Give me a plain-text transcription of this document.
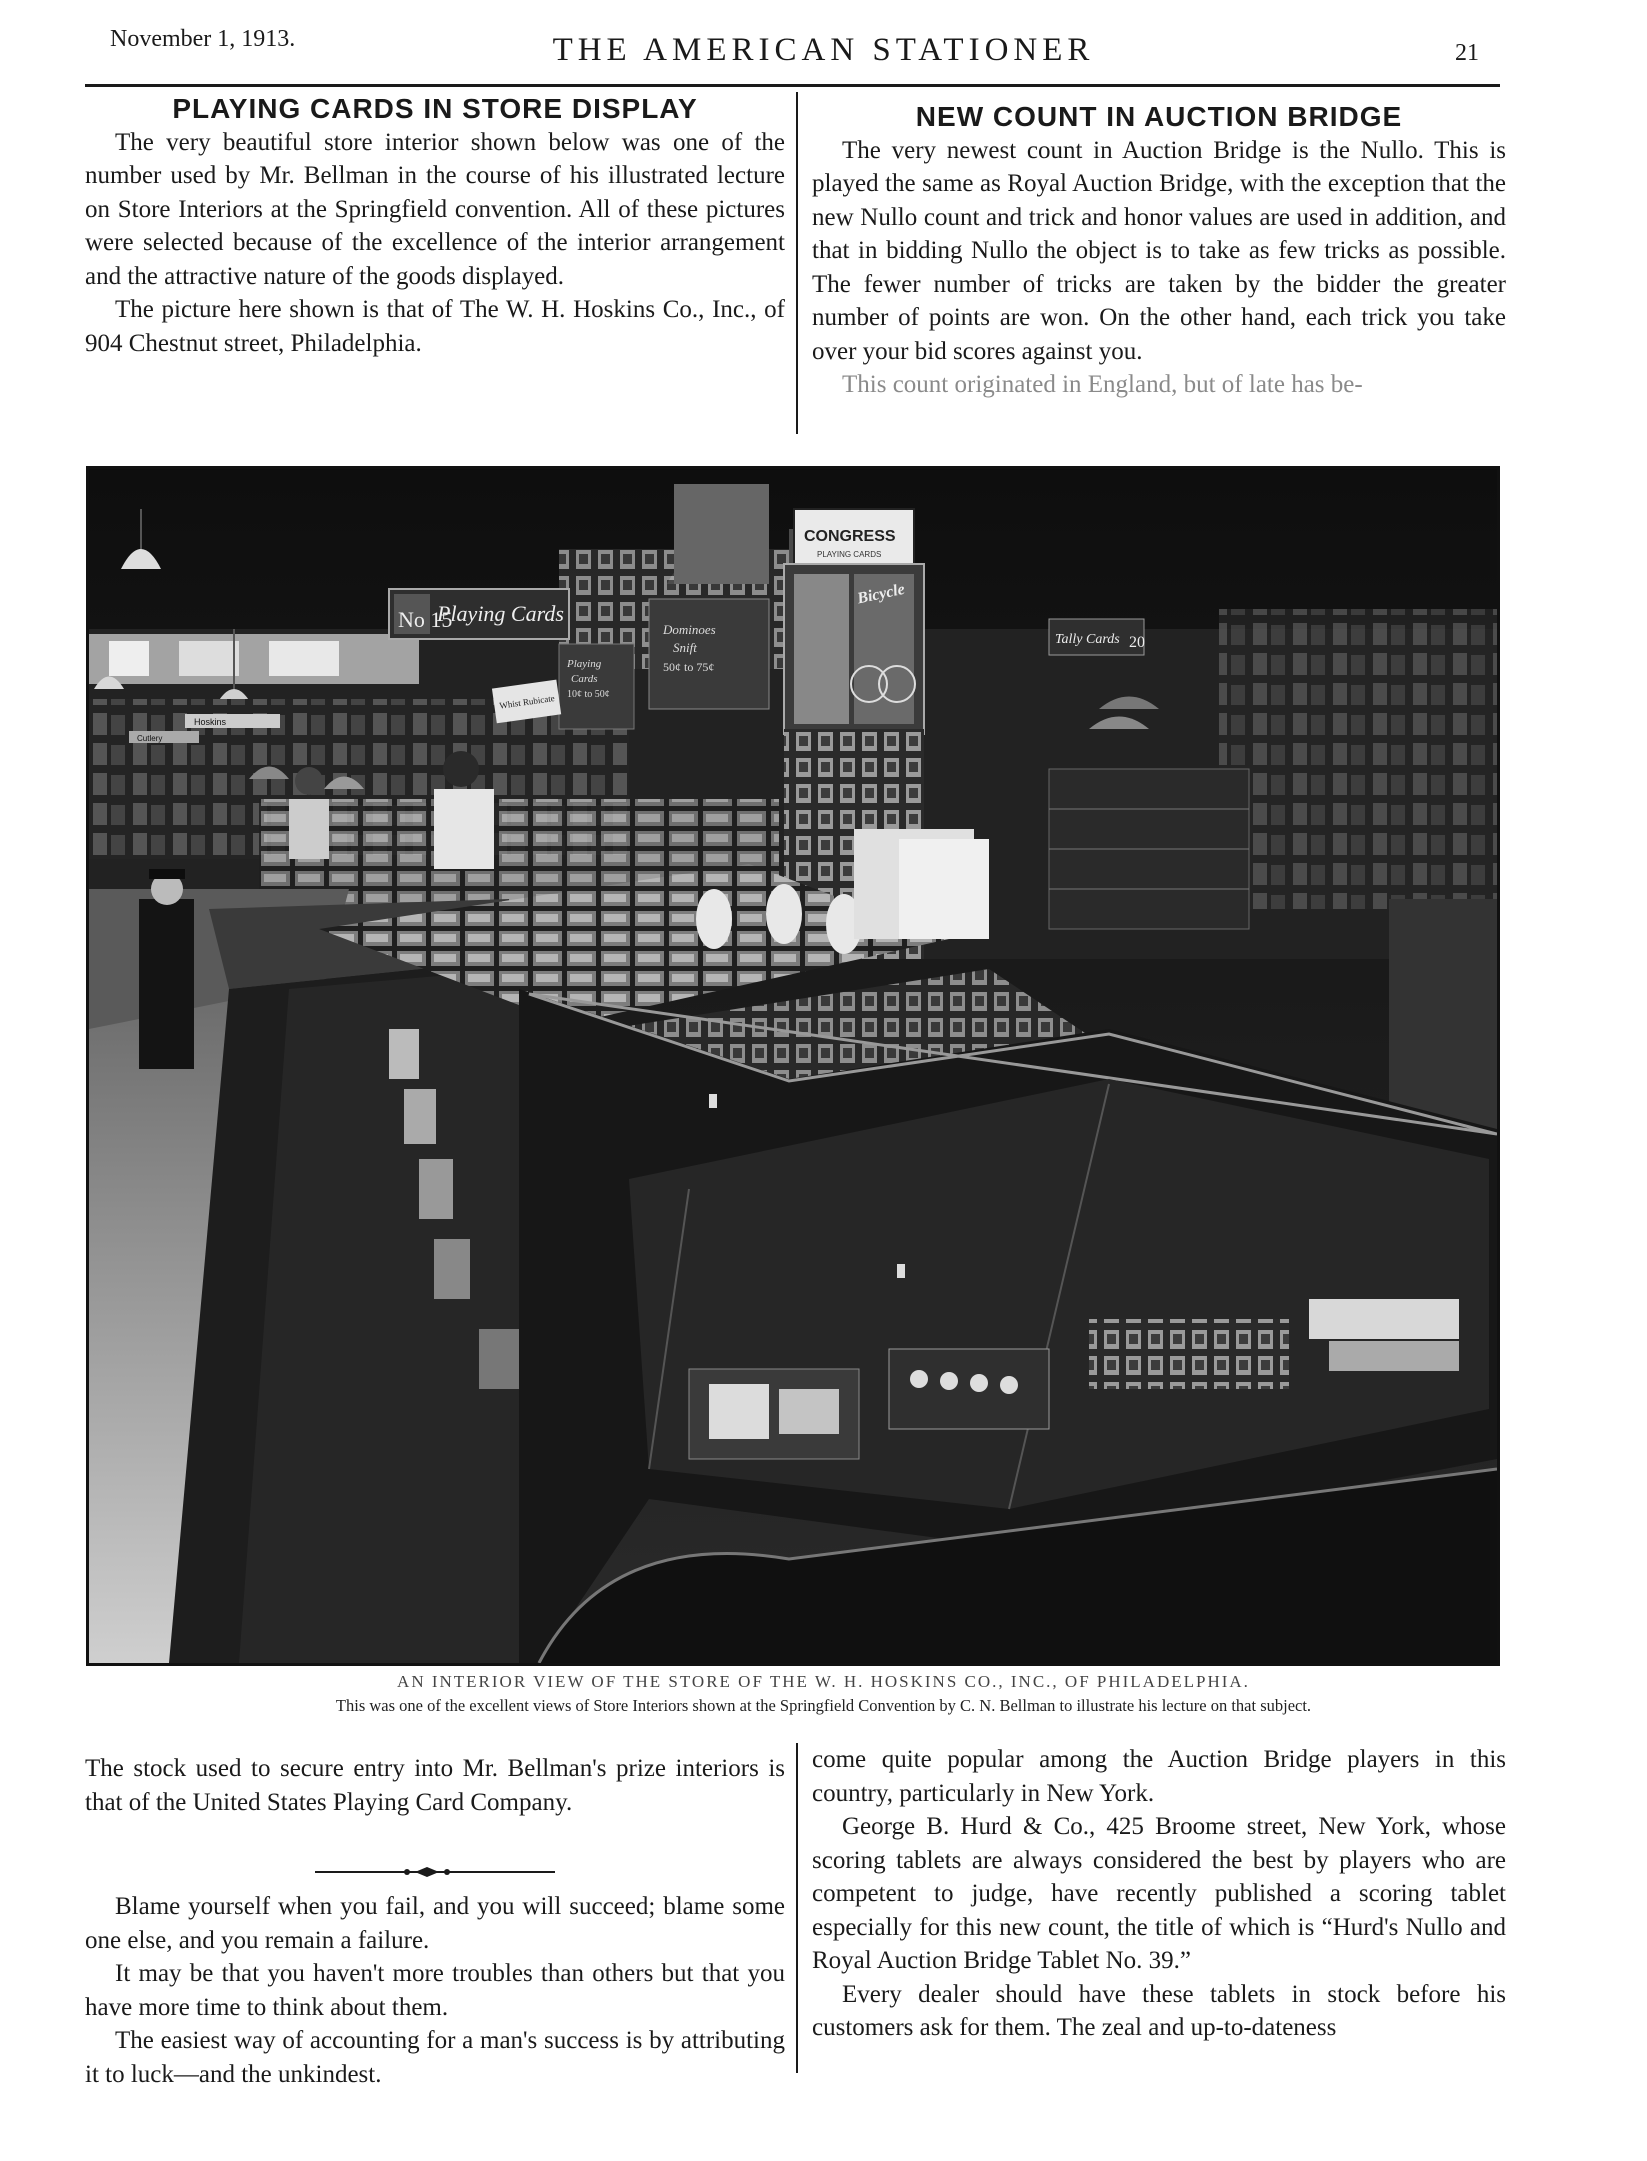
November 1, 1913.	THE AMERICAN STATIONER	21

PLAYING CARDS IN STORE DISPLAY

The very beautiful store interior shown below was one of the number used by Mr. Bellman in the course of his illustrated lecture on Store Interiors at the Springfield convention. All of these pictures were selected because of the excellence of the interior arrangement and the attractive nature of the goods displayed.

The picture here shown is that of The W. H. Hoskins Co., Inc., of 904 Chestnut street, Philadelphia.

NEW COUNT IN AUCTION BRIDGE

The very newest count in Auction Bridge is the Nullo. This is played the same as Royal Auction Bridge, with the exception that the new Nullo count and trick and honor values are used in addition, and that in bidding Nullo the object is to take as few tricks as possible. The fewer number of tricks are taken by the bidder the greater number of points are won. On the other hand, each trick you take over your bid scores against you.

This count originated in England, but of late has be-

Hoskins
Cutlery
No 15
Playing Cards
Playing
Cards
10¢ to 50¢
Dominoes
Snift
50¢ to 75¢
Whist Rubicate
CONGRESS
PLAYING CARDS
Bicycle
Tally Cards 20
AN INTERIOR VIEW OF THE STORE OF THE W. H. HOSKINS CO., INC., OF PHILADELPHIA.
This was one of the excellent views of Store Interiors shown at the Springfield Convention by C. N. Bellman to illustrate his lecture on that subject.

The stock used to secure entry into Mr. Bellman's prize interiors is that of the United States Playing Card Company.

Blame yourself when you fail, and you will succeed; blame some one else, and you remain a failure.

It may be that you haven't more troubles than others but that you have more time to think about them.

The easiest way of accounting for a man's success is by attributing it to luck—and the unkindest.

come quite popular among the Auction Bridge players in this country, particularly in New York.

George B. Hurd & Co., 425 Broome street, New York, whose scoring tablets are always considered the best by players who are competent to judge, have recently published a scoring tablet especially for this new count, the title of which is “Hurd's Nullo and Royal Auction Bridge Tablet No. 39.”

Every dealer should have these tablets in stock before his customers ask for them. The zeal and up-to-dateness
